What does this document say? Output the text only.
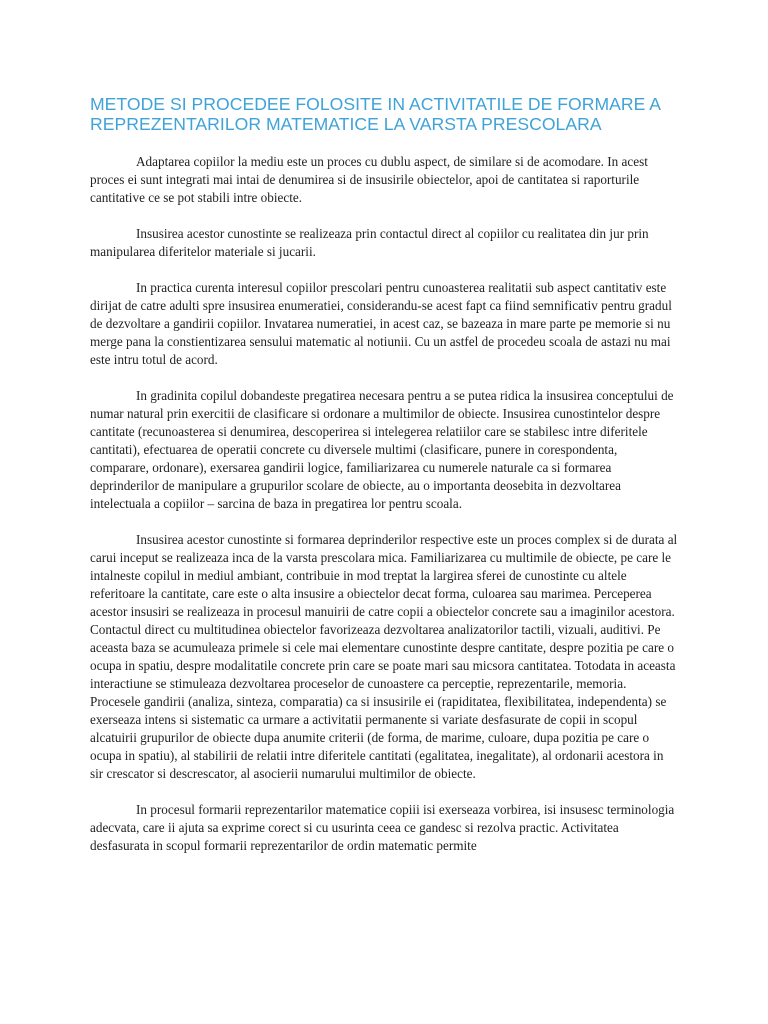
METODE SI PROCEDEE FOLOSITE IN ACTIVITATILE DE FORMARE A REPREZENTARILOR MATEMATICE LA VARSTA PRESCOLARA

Adaptarea copiilor la mediu este un proces cu dublu aspect, de similare si de acomodare. In acest proces ei sunt integrati mai intai de denumirea si de insusirile obiectelor, apoi de cantitatea si raporturile cantitative ce se pot stabili intre obiecte.

Insusirea acestor cunostinte se realizeaza prin contactul direct al copiilor cu realitatea din jur prin manipularea diferitelor materiale si jucarii.

In practica curenta interesul copiilor prescolari pentru cunoasterea realitatii sub aspect cantitativ este dirijat de catre adulti spre insusirea enumeratiei, considerandu-se acest fapt ca fiind semnificativ pentru gradul de dezvoltare a gandirii copiilor. Invatarea numeratiei, in acest caz, se bazeaza in mare parte pe memorie si nu merge pana la constientizarea sensului matematic al notiunii. Cu un astfel de procedeu scoala de astazi nu mai este intru totul de acord.

In gradinita copilul dobandeste pregatirea necesara pentru a se putea ridica la insusirea conceptului de numar natural prin exercitii de clasificare si ordonare a multimilor de obiecte. Insusirea cunostintelor despre cantitate (recunoasterea si denumirea, descoperirea si intelegerea relatiilor care se stabilesc intre diferitele cantitati), efectuarea de operatii concrete cu diversele multimi (clasificare, punere in corespondenta, comparare, ordonare), exersarea gandirii logice, familiarizarea cu numerele naturale ca si formarea deprinderilor de manipulare a grupurilor scolare de obiecte, au o importanta deosebita in dezvoltarea intelectuala a copiilor – sarcina de baza in pregatirea lor pentru scoala.

Insusirea acestor cunostinte si formarea deprinderilor respective este un proces complex si de durata al carui inceput se realizeaza inca de la varsta prescolara mica. Familiarizarea cu multimile de obiecte, pe care le intalneste copilul in mediul ambiant, contribuie in mod treptat la largirea sferei de cunostinte cu altele referitoare la cantitate, care este o alta insusire a obiectelor decat forma, culoarea sau marimea. Perceperea acestor insusiri se realizeaza in procesul manuirii de catre copii a obiectelor concrete sau a imaginilor acestora. Contactul direct cu multitudinea obiectelor favorizeaza dezvoltarea analizatorilor tactili, vizuali, auditivi. Pe aceasta baza se acumuleaza primele si cele mai elementare cunostinte despre cantitate, despre pozitia pe care o ocupa in spatiu, despre modalitatile concrete prin care se poate mari sau micsora cantitatea. Totodata in aceasta interactiune se stimuleaza dezvoltarea proceselor de cunoastere ca perceptie, reprezentarile, memoria. Procesele gandirii (analiza, sinteza, comparatia) ca si insusirile ei (rapiditatea, flexibilitatea, independenta) se exerseaza intens si sistematic ca urmare a activitatii permanente si variate desfasurate de copii in scopul alcatuirii grupurilor de obiecte dupa anumite criterii (de forma, de marime, culoare, dupa pozitia pe care o ocupa in spatiu), al stabilirii de relatii intre diferitele cantitati (egalitatea, inegalitate), al ordonarii acestora in sir crescator si descrescator, al asocierii numarului multimilor de obiecte.

In procesul formarii reprezentarilor matematice copiii isi exerseaza vorbirea, isi insusesc terminologia adecvata, care ii ajuta sa exprime corect si cu usurinta ceea ce gandesc si rezolva practic. Activitatea desfasurata in scopul formarii reprezentarilor de ordin matematic permite
